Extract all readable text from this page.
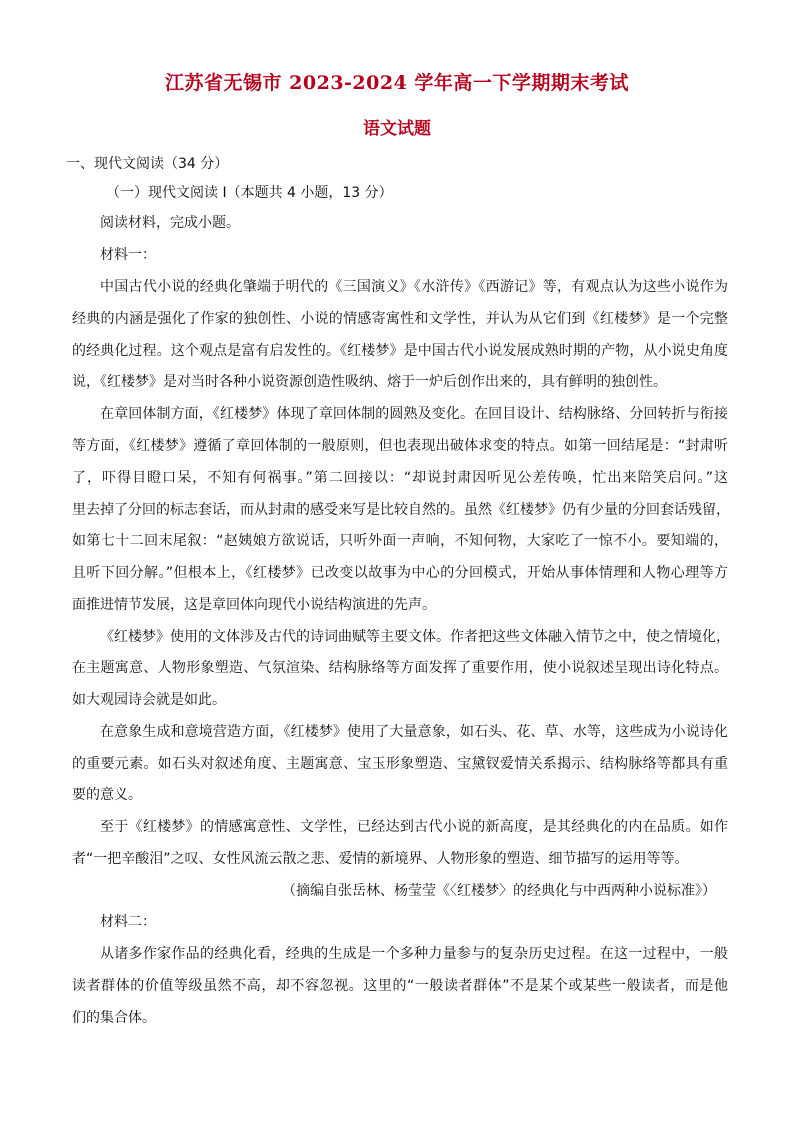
江苏省无锡市 2023-2024 学年高一下学期期末考试
语文试题
一、现代文阅读（34 分）
（一）现代文阅读 I（本题共 4 小题，13 分）
阅读材料，完成小题。
材料一：
中国古代小说的经典化肇端于明代的《三国演义》《水浒传》《西游记》等，有观点认为这些小说作为
经典的内涵是强化了作家的独创性、小说的情感寄寓性和文学性，并认为从它们到《红楼梦》是一个完整
的经典化过程。这个观点是富有启发性的。《红楼梦》是中国古代小说发展成熟时期的产物，从小说史角度
说，《红楼梦》是对当时各种小说资源创造性吸纳、熔于一炉后创作出来的，具有鲜明的独创性。
在章回体制方面，《红楼梦》体现了章回体制的圆熟及变化。在回目设计、结构脉络、分回转折与衔接
等方面，《红楼梦》遵循了章回体制的一般原则，但也表现出破体求变的特点。如第一回结尾是：“封肃听
了，吓得目瞪口呆，不知有何祸事。”第二回接以：“却说封肃因听见公差传唤，忙出来陪笑启问。”这
里去掉了分回的标志套话，而从封肃的感受来写是比较自然的。虽然《红楼梦》仍有少量的分回套话残留，
如第七十二回末尾叙：“赵姨娘方欲说话，只听外面一声响，不知何物，大家吃了一惊不小。要知端的，
且听下回分解。”但根本上，《红楼梦》已改变以故事为中心的分回模式，开始从事体情理和人物心理等方
面推进情节发展，这是章回体向现代小说结构演进的先声。
《红楼梦》使用的文体涉及古代的诗词曲赋等主要文体。作者把这些文体融入情节之中，使之情境化，
在主题寓意、人物形象塑造、气氛渲染、结构脉络等方面发挥了重要作用，使小说叙述呈现出诗化特点。
如大观园诗会就是如此。
在意象生成和意境营造方面，《红楼梦》使用了大量意象，如石头、花、草、水等，这些成为小说诗化
的重要元素。如石头对叙述角度、主题寓意、宝玉形象塑造、宝黛钗爱情关系揭示、结构脉络等都具有重
要的意义。
至于《红楼梦》的情感寓意性、文学性，已经达到古代小说的新高度，是其经典化的内在品质。如作
者“一把辛酸泪”之叹、女性风流云散之悲、爱情的新境界、人物形象的塑造、细节描写的运用等等。
（摘编自张岳林、杨莹莹《〈红楼梦〉的经典化与中西两种小说标准》）
材料二：
从诸多作家作品的经典化看，经典的生成是一个多种力量参与的复杂历史过程。在这一过程中，一般
读者群体的价值等级虽然不高，却不容忽视。这里的“一般读者群体”不是某个或某些一般读者，而是他
们的集合体。
